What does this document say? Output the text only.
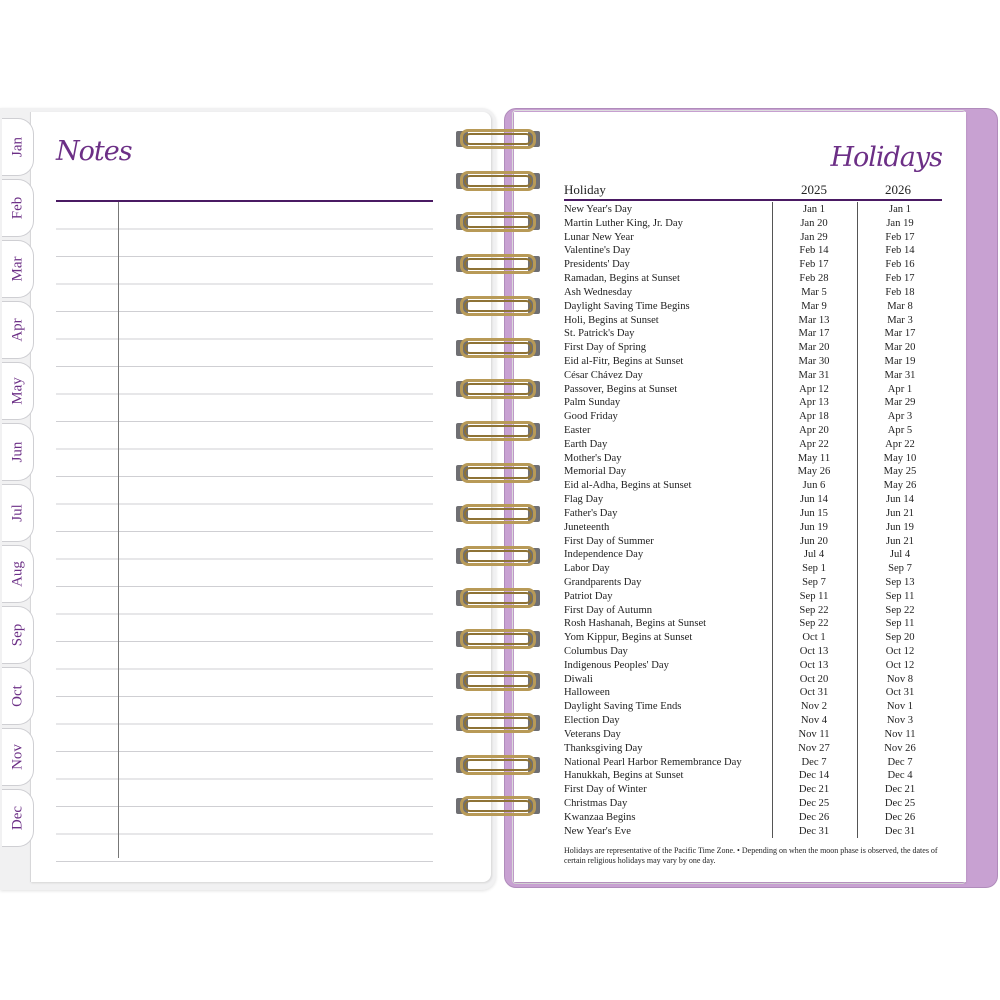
Jan
Feb
Mar
Apr
May
Jun
Jul
Aug
Sep
Oct
Nov
Dec
Notes	Holidays
Holiday	2025	2026
New Year's Day	Jan 1	Jan 1
Martin Luther King, Jr. Day	Jan 20	Jan 19
Lunar New Year	Jan 29	Feb 17
Valentine's Day	Feb 14	Feb 14
Presidents' Day	Feb 17	Feb 16
Ramadan, Begins at Sunset	Feb 28	Feb 17
Ash Wednesday	Mar 5	Feb 18
Daylight Saving Time Begins	Mar 9	Mar 8
Holi, Begins at Sunset	Mar 13	Mar 3
St. Patrick's Day	Mar 17	Mar 17
First Day of Spring	Mar 20	Mar 20
Eid al-Fitr, Begins at Sunset	Mar 30	Mar 19
César Chávez Day	Mar 31	Mar 31
Passover, Begins at Sunset	Apr 12	Apr 1
Palm Sunday	Apr 13	Mar 29
Good Friday	Apr 18	Apr 3
Easter	Apr 20	Apr 5
Earth Day	Apr 22	Apr 22
Mother's Day	May 11	May 10
Memorial Day	May 26	May 25
Eid al-Adha, Begins at Sunset	Jun 6	May 26
Flag Day	Jun 14	Jun 14
Father's Day	Jun 15	Jun 21
Juneteenth	Jun 19	Jun 19
First Day of Summer	Jun 20	Jun 21
Independence Day	Jul 4	Jul 4
Labor Day	Sep 1	Sep 7
Grandparents Day	Sep 7	Sep 13
Patriot Day	Sep 11	Sep 11
First Day of Autumn	Sep 22	Sep 22
Rosh Hashanah, Begins at Sunset	Sep 22	Sep 11
Yom Kippur, Begins at Sunset	Oct 1	Sep 20
Columbus Day	Oct 13	Oct 12
Indigenous Peoples' Day	Oct 13	Oct 12
Diwali	Oct 20	Nov 8
Halloween	Oct 31	Oct 31
Daylight Saving Time Ends	Nov 2	Nov 1
Election Day	Nov 4	Nov 3
Veterans Day	Nov 11	Nov 11
Thanksgiving Day	Nov 27	Nov 26
National Pearl Harbor Remembrance Day	Dec 7	Dec 7
Hanukkah, Begins at Sunset	Dec 14	Dec 4
First Day of Winter	Dec 21	Dec 21
Christmas Day	Dec 25	Dec 25
Kwanzaa Begins	Dec 26	Dec 26
New Year's Eve	Dec 31	Dec 31
Holidays are representative of the Pacific Time Zone. • Depending on when the moon phase is observed, the dates of certain religious holidays may vary by one day.
